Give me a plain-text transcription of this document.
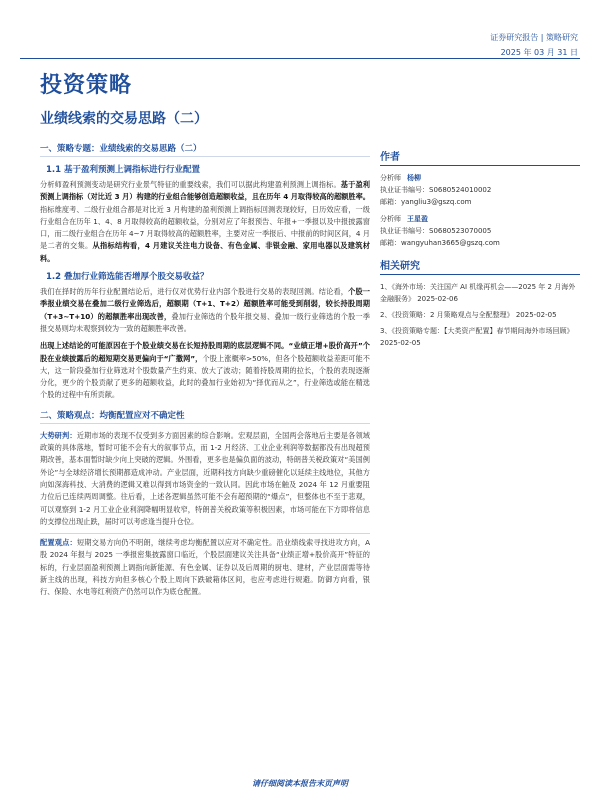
证券研究报告 | 策略研究
2025 年 03 月 31 日
投资策略
业绩线索的交易思路（二）
一、策略专题：业绩线索的交易思路（二）
1.1 基于盈利预测上调指标进行行业配置
分析师盈利预测变动是研究行业景气特征的重要线索，我们可以据此构建盈利预测上调指标。基于盈利预测上调指标（对比近 3 月）构建的行业组合能够创造超额收益，且在历年 4 月取得较高的超额胜率。指标维度考、二级行业组合都是对比近 3 月构建的盈利预测上调指标回测表现较好，日历效应看，一级行业组合在历年 1、4、8 月取得较高的超额收益，分别对应了年报预告、年报+一季报以及中报披露窗口，而二级行业组合在历年 4~7 月取得较高的超额胜率，主要对应一季报后、中报前的时间区间，4 月是二者的交集。从指标结构看，4 月建议关注电力设备、有色金属、非银金融、家用电器以及建筑材料。
1.2 叠加行业筛选能否增厚个股交易收益？
我们在择时的历年行业配置结论后，进行仅对优势行业内部个股进行交易的表现回测。结论看，个股一季报业绩交易在叠加二级行业筛选后，超额期（T+1、T+2）超额胜率可能受到削弱，较长持股周期（T+3~T+10）的超额胜率出现改善，叠加行业筛选的个股年报交易、叠加一级行业筛选的个股一季报交易则均未观察到较为一致的超额胜率改善。
出现上述结论的可能原因在于个股业绩交易在长短持股周期的底层逻辑不同。“业绩正增+股价高开”个股在业绩披露后的超短期交易更偏向于“广撒网”，个股上涨概率>50%，但各个股超额收益差距可能不大，这一阶段叠加行业筛选对个股数量产生约束、放大了波动；随着持股周期的拉长，个股的表现逐渐分化，更少的个股贡献了更多的超额收益，此时的叠加行业始初为“择优而从之”，行业筛选或能在精选个股的过程中有所贡献。
二、策略观点：均衡配置应对不确定性
大势研判：近期市场的表现不仅受到多方面因素的综合影响。宏观层面，全国两会落地后主要是各领域政策的具体落地，暂时可能不会有大的叙事节点，而 1-2 月经济、工业企业利润等数据都没有出现超预期改善，基本面暂时缺少向上突破的逻辑。外围看，更多也是偏负面的波动，特朗普关税政策对“美国例外论”与全球经济增长预期都造成冲动。产业层面，近期科技方向缺少重磅催化以延续主线地位，其他方向如深海科技、大消费的逻辑又难以得到市场资金的一致认同。因此市场在触及 2024 年 12 月重要阻力位后已连续两周调整。往后看，上述各逻辑虽然可能不会有超预期的“爆点”，但整体也不至于悲观，可以观察到 1-2 月工业企业利润降幅明显收窄，特朗普关税政策等积极因素，市场可能在下方即将信息的支撑位出现止跌，届时可以考虑逢当提升仓位。
配置观点：短期交易方向仍不明朗，继续考虑均衡配置以应对不确定性。沿业绩线索寻找进攻方向，A 股 2024 年报与 2025 一季报密集披露窗口临近，个股层面建议关注具备“业绩正增+股价高开”特征的标的，行业层面盈利预测上调指向新能源、有色金属、证券以及后周期的厨电、建材，产业层面需等待新主线的出现，科技方向但多核心个股上周向下跌破箱体区间，也应考虑进行规避。防御方向看，银行、保险、水电等红利资产仍然可以作为底仓配置。
作者
分析师 杨柳
执业证书编号：S0680524010002
邮箱：yangliu3@gszq.com
分析师 王星盈
执业证书编号：S0680523070005
邮箱：wangyuhan3665@gszq.com
相关研究
1、《海外市场：关注国产 AI 机缘再机会——2025 年 2 月海外金融服务》 2025-02-06
2、《投资策略：2 月策略观点与全配整理》 2025-02-05
3、《投资策略专题：【大类资产配置】春节期间海外市场回顾》 2025-02-05
请仔细阅读本报告末页声明
